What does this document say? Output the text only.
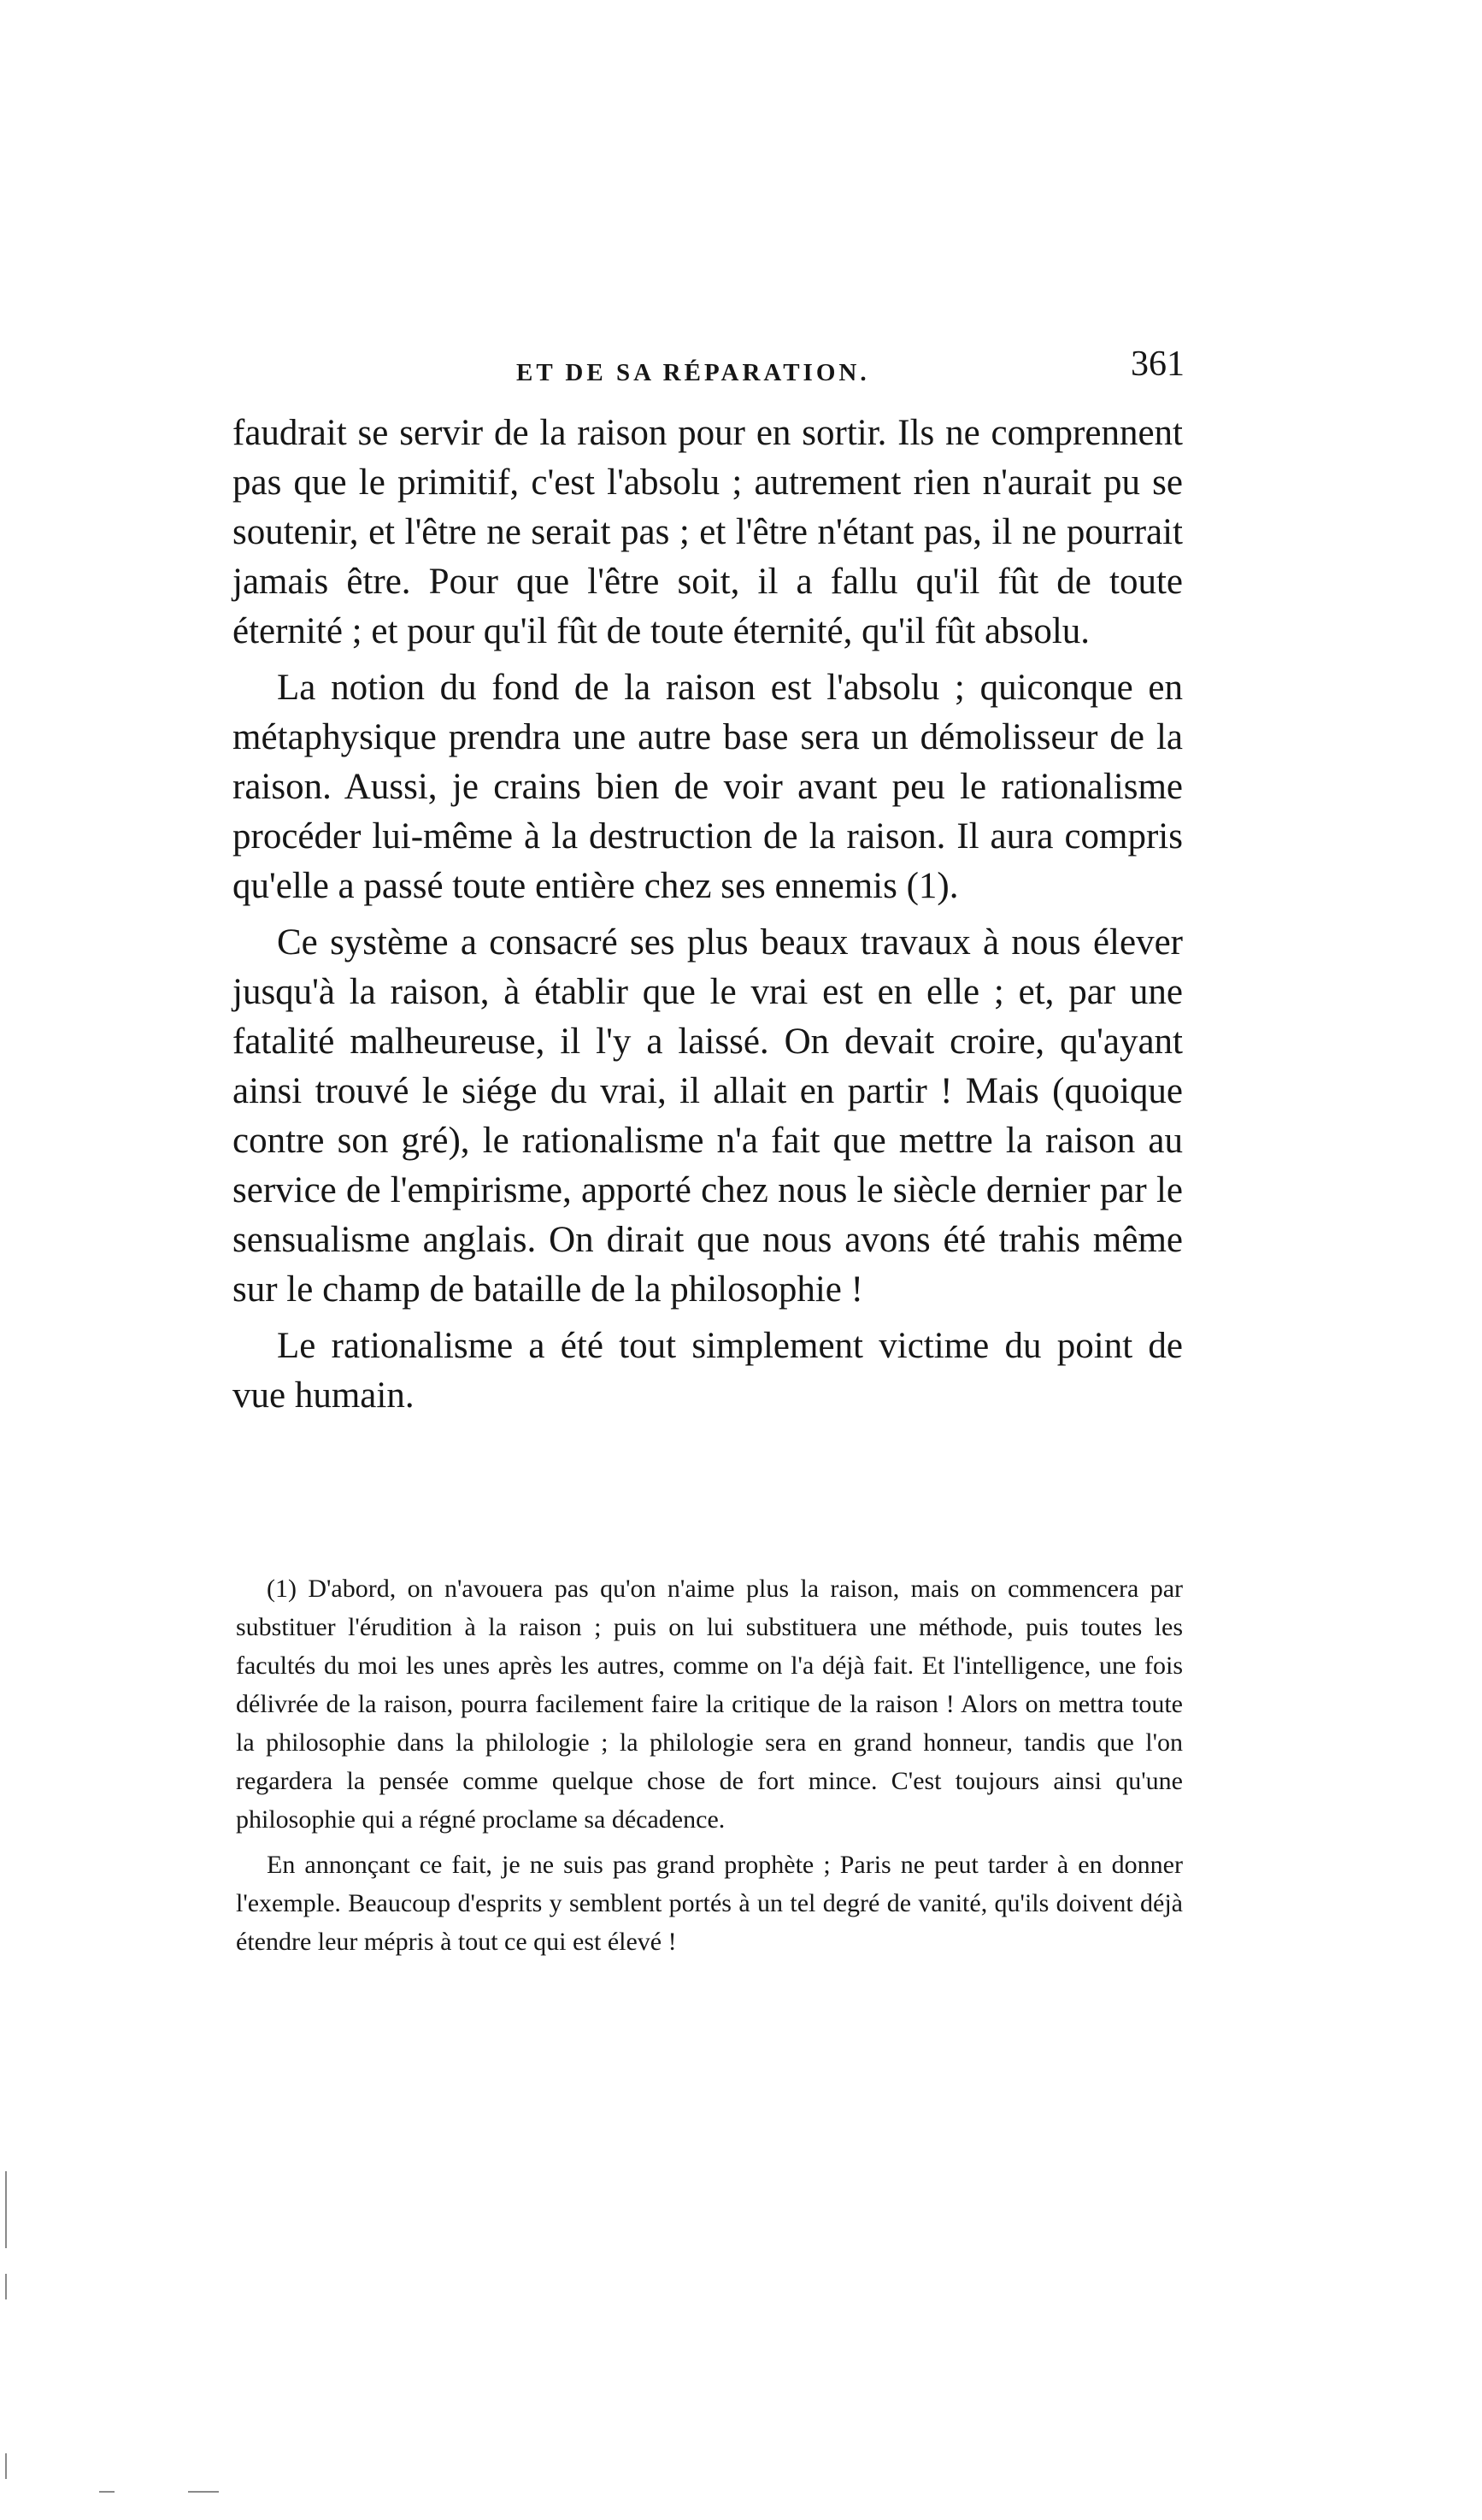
ET DE SA RÉPARATION.	361

faudrait se servir de la raison pour en sortir. Ils ne comprennent pas que le primitif, c'est l'absolu ; autrement rien n'aurait pu se soutenir, et l'être ne serait pas ; et l'être n'étant pas, il ne pourrait jamais être. Pour que l'être soit, il a fallu qu'il fût de toute éternité ; et pour qu'il fût de toute éternité, qu'il fût absolu.

La notion du fond de la raison est l'absolu ; quiconque en métaphysique prendra une autre base sera un démolisseur de la raison. Aussi, je crains bien de voir avant peu le rationalisme procéder lui-même à la destruction de la raison. Il aura compris qu'elle a passé toute entière chez ses ennemis (1).

Ce système a consacré ses plus beaux travaux à nous élever jusqu'à la raison, à établir que le vrai est en elle ; et, par une fatalité malheureuse, il l'y a laissé. On devait croire, qu'ayant ainsi trouvé le siége du vrai, il allait en partir ! Mais (quoique contre son gré), le rationalisme n'a fait que mettre la raison au service de l'empirisme, apporté chez nous le siècle dernier par le sensualisme anglais. On dirait que nous avons été trahis même sur le champ de bataille de la philosophie !

Le rationalisme a été tout simplement victime du point de vue humain.

(1) D'abord, on n'avouera pas qu'on n'aime plus la raison, mais on commencera par substituer l'érudition à la raison ; puis on lui substituera une méthode, puis toutes les facultés du moi les unes après les autres, comme on l'a déjà fait. Et l'intelligence, une fois délivrée de la raison, pourra facilement faire la critique de la raison ! Alors on mettra toute la philosophie dans la philologie ; la philologie sera en grand honneur, tandis que l'on regardera la pensée comme quelque chose de fort mince. C'est toujours ainsi qu'une philosophie qui a régné proclame sa décadence.

En annonçant ce fait, je ne suis pas grand prophète ; Paris ne peut tarder à en donner l'exemple. Beaucoup d'esprits y semblent portés à un tel degré de vanité, qu'ils doivent déjà étendre leur mépris à tout ce qui est élevé !
